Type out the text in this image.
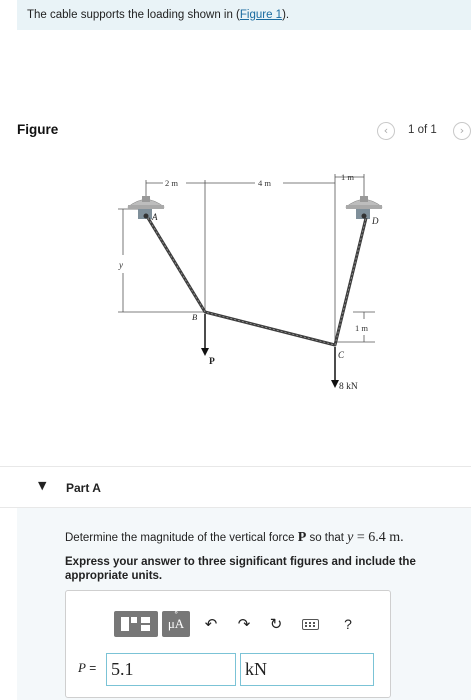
The cable supports the loading shown in (Figure 1).
Figure	‹	1 of 1	›
2 m	4 m
1 m
y
1 m
A
B
C
D
P
8 kN
▼ Part A
Determine the magnitude of the vertical force P so that y = 6.4 m.
Express your answer to three significant figures and include the appropriate units.
˚ μA	↶ ↷ ↻	?
P = 5.1	kN
